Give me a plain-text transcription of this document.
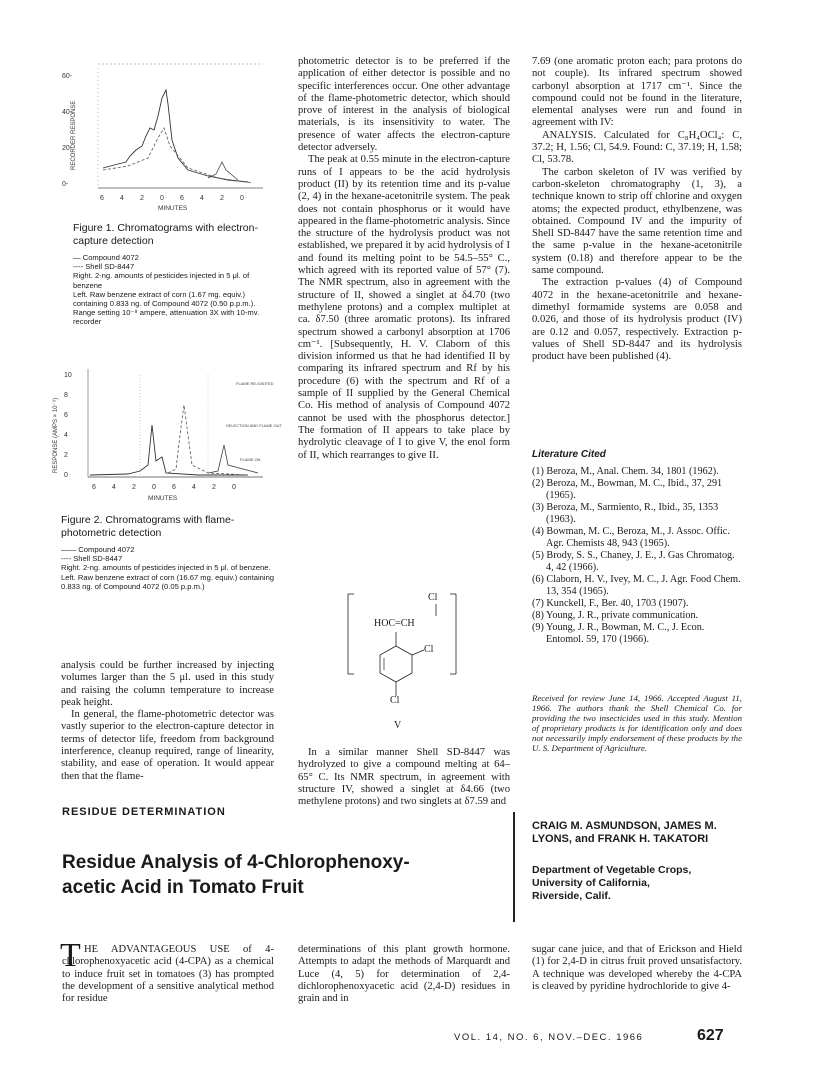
60-
40-
20-
0-
RECORDER RESPONSE
6 4 2 0 6 4 2 0
MINUTES
Figure 1. Chromatograms with electron-capture detection
— Compound 4072
---- Shell SD-8447
Right. 2-ng. amounts of pesticides injected in 5 μl. of benzene
Left. Raw benzene extract of corn (1.67 mg. equiv.) containing 0.833 ng. of Compound 4072 (0.50 p.p.m.).
Range setting 10⁻⁹ ampere, attenuation 3X with 10-mv. recorder
10
8
6
4
2
0
RESPONSE (AMPS × 10⁻⁹)
FLAME RE-IGNITED
SELECTION AND FLAME OUT
FLAME ON
6 4 2 0 6 4 2 0
MINUTES
Figure 2. Chromatograms with flame-photometric detection
—— Compound 4072
---- Shell SD-8447
Right. 2-ng. amounts of pesticides injected in 5 μl. of benzene.
Left. Raw benzene extract of corn (16.67 mg. equiv.) containing 0.833 ng. of Compound 4072 (0.05 p.p.m.)

analysis could be further increased by injecting volumes larger than the 5 μl. used in this study and raising the column temperature to increase peak height.

In general, the flame-photometric detector was vastly superior to the electron-capture detector in terms of detector life, freedom from background interference, cleanup required, range of linearity, stability, and ease of operation. It would appear then that the flame-

photometric detector is to be preferred if the application of either detector is possible and no specific interferences occur. One other advantage of the flame-photometric detector, which should prove of interest in the analysis of biological materials, is its insensitivity to water. The presence of water affects the electron-capture detector adversely.

The peak at 0.55 minute in the electron-capture runs of I appears to be the acid hydrolysis product (II) by its retention time and its p-value (2, 4) in the hexane-acetonitrile system. The peak does not contain phosphorus or it would have appeared in the flame-photometric analysis. Since the structure of the hydrolysis product was not established, we prepared it by acid hydrolysis of I and found its melting point to be 54.5–55° C., which agreed with its reported value of 57° (7). The NMR spectrum, also in agreement with the structure of II, showed a singlet at δ4.70 (two methylene protons) and a complex multiplet at ca. δ7.50 (three aromatic protons). Its infrared spectrum showed a carbonyl absorption at 1706 cm⁻¹. [Subsequently, H. V. Claborn of this division informed us that he had identified II by comparing its infrared spectrum and Rf by his procedure (6) with the spectrum and Rf of a sample of II supplied by the General Chemical Co. His method of analysis of Compound 4072 cannot be used with the phosphorus detector.] The formation of II appears to take place by hydrolytic cleavage of I to give V, the enol form of II, which rearranges to give II.

Cl
HOC=CH
Cl
Cl
V

In a similar manner Shell SD-8447 was hydrolyzed to give a compound melting at 64–65° C. Its NMR spectrum, in agreement with structure IV, showed a singlet at δ4.66 (two methylene protons) and two singlets at δ7.59 and

7.69 (one aromatic proton each; para protons do not couple). Its infrared spectrum showed carbonyl absorption at 1717 cm⁻¹. Since the compound could not be found in the literature, elemental analyses were run and found in agreement with IV:

ANALYSIS. Calculated for C₈H₄OCl₄: C, 37.2; H, 1.56; Cl, 54.9. Found: C, 37.19; H, 1.58; Cl, 53.78.

The carbon skeleton of IV was verified by carbon-skeleton chromatography (1, 3), a technique known to strip off chlorine and oxygen atoms; the expected product, ethylbenzene, was obtained. Compound IV and the impurity of Shell SD-8447 have the same retention time and the same p-value in the hexane-acetonitrile system (0.18) and therefore appear to be the same compound.

The extraction p-values (4) of Compound 4072 in the hexane-acetonitrile and hexane-dimethyl formamide systems are 0.058 and 0.026, and those of its hydrolysis product (IV) are 0.12 and 0.057, respectively. Extraction p-values of Shell SD-8447 and its hydrolysis product have been published (4).

Literature Cited

(1) Beroza, M., Anal. Chem. 34, 1801 (1962).

(2) Beroza, M., Bowman, M. C., Ibid., 37, 291 (1965).

(3) Beroza, M., Sarmiento, R., Ibid., 35, 1353 (1963).

(4) Bowman, M. C., Beroza, M., J. Assoc. Offic. Agr. Chemists 48, 943 (1965).

(5) Brody, S. S., Chaney, J. E., J. Gas Chromatog. 4, 42 (1966).

(6) Claborn, H. V., Ivey, M. C., J. Agr. Food Chem. 13, 354 (1965).

(7) Kunckell, F., Ber. 40, 1703 (1907).

(8) Young, J. R., private communication.

(9) Young, J. R., Bowman, M. C., J. Econ. Entomol. 59, 170 (1966).

Received for review June 14, 1966. Accepted August 11, 1966. The authors thank the Shell Chemical Co. for providing the two insecticides used in this study. Mention of proprietary products is for identification only and does not necessarily imply endorsement of these products by the U. S. Department of Agriculture.
RESIDUE DETERMINATION
Residue Analysis of 4-Chlorophenoxy-
acetic Acid in Tomato Fruit
CRAIG M. ASMUNDSON, JAMES M.
LYONS, and FRANK H. TAKATORI
Department of Vegetable Crops,
University of California,
Riverside, Calif.
T HE ADVANTAGEOUS USE of 4-chlorophenoxyacetic acid (4-CPA) as a chemical to induce fruit set in tomatoes (3) has prompted the development of a sensitive analytical method for residue
determinations of this plant growth hormone. Attempts to adapt the methods of Marquardt and Luce (4, 5) for determination of 2,4-dichlorophenoxyacetic acid (2,4-D) residues in grain and in
sugar cane juice, and that of Erickson and Hield (1) for 2,4-D in citrus fruit proved unsatisfactory. A technique was developed whereby the 4-CPA is cleaved by pyridine hydrochloride to give 4-
VOL. 14, NO. 6, NOV.–DEC. 1966	627
